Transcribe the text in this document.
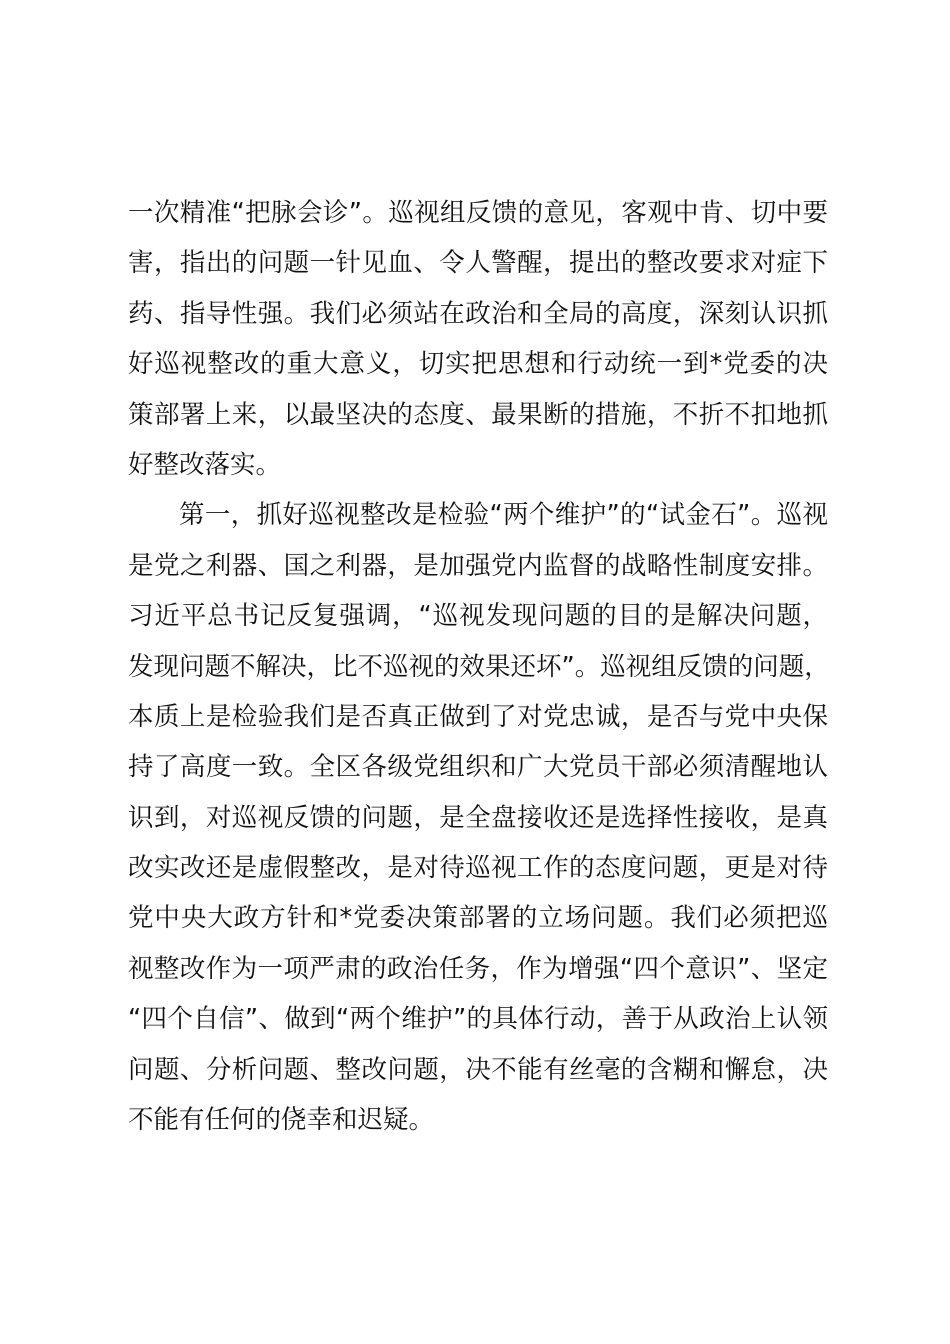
一次精准“把脉会诊”。巡视组反馈的意见，客观中肯、切中要
害，指出的问题一针见血、令人警醒，提出的整改要求对症下
药、指导性强。我们必须站在政治和全局的高度，深刻认识抓
好巡视整改的重大意义，切实把思想和行动统一到*党委的决
策部署上来，以最坚决的态度、最果断的措施，不折不扣地抓
好整改落实。
第一，抓好巡视整改是检验“两个维护”的“试金石”。巡视
是党之利器、国之利器，是加强党内监督的战略性制度安排。
习近平总书记反复强调，“巡视发现问题的目的是解决问题，
发现问题不解决，比不巡视的效果还坏”。巡视组反馈的问题，
本质上是检验我们是否真正做到了对党忠诚，是否与党中央保
持了高度一致。全区各级党组织和广大党员干部必须清醒地认
识到，对巡视反馈的问题，是全盘接收还是选择性接收，是真
改实改还是虚假整改，是对待巡视工作的态度问题，更是对待
党中央大政方针和*党委决策部署的立场问题。我们必须把巡
视整改作为一项严肃的政治任务，作为增强“四个意识”、坚定
“四个自信”、做到“两个维护”的具体行动，善于从政治上认领
问题、分析问题、整改问题，决不能有丝毫的含糊和懈怠，决
不能有任何的侥幸和迟疑。
